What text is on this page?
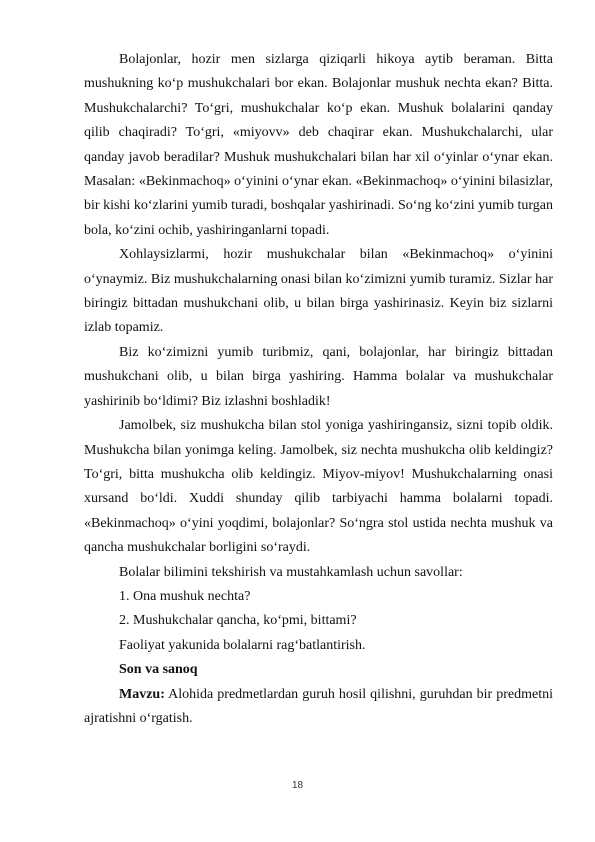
Bolajonlar, hozir men sizlarga qiziqarli hikoya aytib beraman. Bitta mushukning ko‘p mushukchalari bor ekan. Bolajonlar mushuk nechta ekan? Bitta. Mushukchalarchi? To‘gri, mushukchalar ko‘p ekan. Mushuk bolalarini qanday qilib chaqiradi? To‘gri, «miyovv» deb chaqirar ekan. Mushukchalarchi, ular qanday javob beradilar? Mushuk mushukchalari bilan har xil o‘yinlar o‘ynar ekan. Masalan: «Bekinmachoq» o‘yinini o‘ynar ekan. «Bekinmachoq» o‘yinini bilasizlar, bir kishi ko‘zlarini yumib turadi, boshqalar yashirinadi. So‘ng ko‘zini yumib turgan bola, ko‘zini ochib, yashiringanlarni topadi.

Xohlaysizlarmi, hozir mushukchalar bilan «Bekinmachoq» o‘yinini o‘ynaymiz. Biz mushukchalarning onasi bilan ko‘zimizni yumib turamiz. Sizlar har biringiz bittadan mushukchani olib, u bilan birga yashirinasiz. Keyin biz sizlarni izlab topamiz.

Biz ko‘zimizni yumib turibmiz, qani, bolajonlar, har biringiz bittadan mushukchani olib, u bilan birga yashiring. Hamma bolalar va mushukchalar yashirinib bo‘ldimi? Biz izlashni boshladik!

Jamolbek, siz mushukcha bilan stol yoniga yashiringansiz, sizni topib oldik. Mushukcha bilan yonimga keling. Jamolbek, siz nechta mushukcha olib keldingiz? To‘gri, bitta mushukcha olib keldingiz. Miyov-miyov! Mushukchalarning onasi xursand bo‘ldi. Xuddi shunday qilib tarbiyachi hamma bolalarni topadi. «Bekinmachoq» o‘yini yoqdimi, bolajonlar? So‘ngra stol ustida nechta mushuk va qancha mushukchalar borligini so‘raydi.

Bolalar bilimini tekshirish va mustahkamlash uchun savollar:

1. Ona mushuk nechta?

2. Mushukchalar qancha, ko‘pmi, bittami?

Faoliyat yakunida bolalarni rag‘batlantirish.

Son va sanoq

Mavzu: Alohida predmetlardan guruh hosil qilishni, guruhdan bir predmetni ajratishni o‘rgatish.

18
